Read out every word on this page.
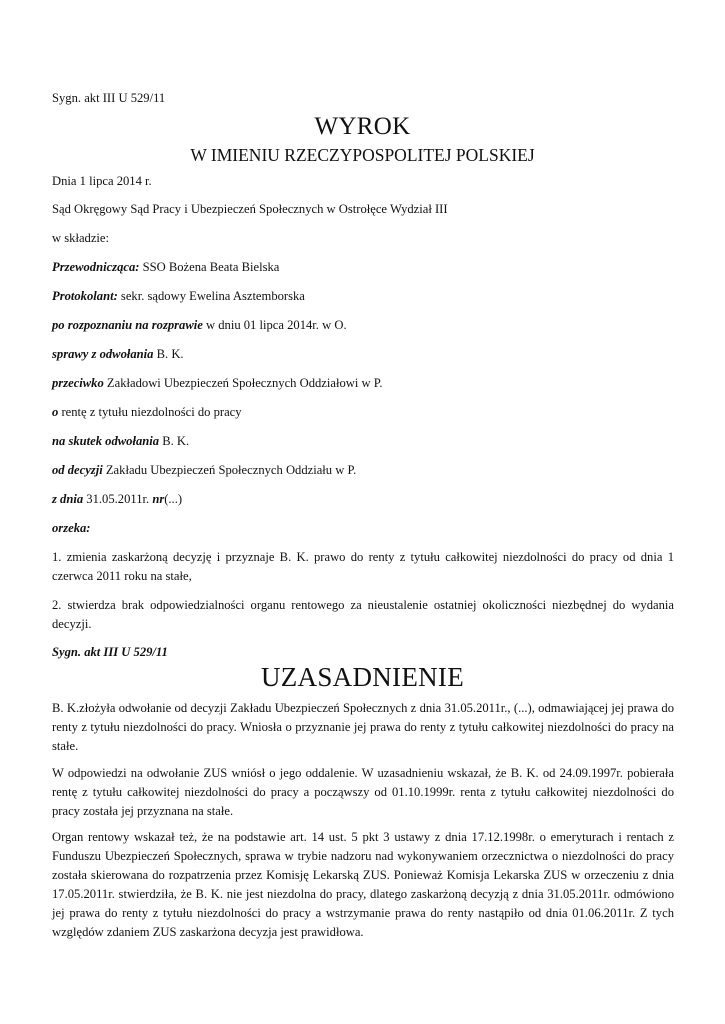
Sygn. akt III U 529/11

WYROK
W IMIENIU RZECZYPOSPOLITEJ POLSKIEJ

Dnia 1 lipca 2014 r.

Sąd Okręgowy Sąd Pracy i Ubezpieczeń Społecznych w Ostrołęce Wydział III

w składzie:

Przewodnicząca: SSO Bożena Beata Bielska

Protokolant: sekr. sądowy Ewelina Asztemborska

po rozpoznaniu na rozprawie w dniu 01 lipca 2014r. w O.

sprawy z odwołania B. K.

przeciwko Zakładowi Ubezpieczeń Społecznych Oddziałowi w P.

o rentę z tytułu niezdolności do pracy

na skutek odwołania B. K.

od decyzji Zakładu Ubezpieczeń Społecznych Oddziału w P.

z dnia 31.05.2011r. nr(...)

orzeka:

1. zmienia zaskarżoną decyzję i przyznaje B. K. prawo do renty z tytułu całkowitej niezdolności do pracy od dnia 1 czerwca 2011 roku na stałe,

2. stwierdza brak odpowiedzialności organu rentowego za nieustalenie ostatniej okoliczności niezbędnej do wydania decyzji.

Sygn. akt III U 529/11

UZASADNIENIE

B. K.złożyła odwołanie od decyzji Zakładu Ubezpieczeń Społecznych z dnia 31.05.2011r., (...), odmawiającej jej prawa do renty z tytułu niezdolności do pracy. Wniosła o przyznanie jej prawa do renty z tytułu całkowitej niezdolności do pracy na stałe.

W odpowiedzi na odwołanie ZUS wniósł o jego oddalenie. W uzasadnieniu wskazał, że B. K. od 24.09.1997r. pobierała rentę z tytułu całkowitej niezdolności do pracy a począwszy od 01.10.1999r. renta z tytułu całkowitej niezdolności do pracy została jej przyznana na stałe.

Organ rentowy wskazał też, że na podstawie art. 14 ust. 5 pkt 3 ustawy z dnia 17.12.1998r. o emeryturach i rentach z Funduszu Ubezpieczeń Społecznych, sprawa w trybie nadzoru nad wykonywaniem orzecznictwa o niezdolności do pracy została skierowana do rozpatrzenia przez Komisję Lekarską ZUS. Ponieważ Komisja Lekarska ZUS w orzeczeniu z dnia 17.05.2011r. stwierdziła, że B. K. nie jest niezdolna do pracy, dlatego zaskarżoną decyzją z dnia 31.05.2011r. odmówiono jej prawa do renty z tytułu niezdolności do pracy a wstrzymanie prawa do renty nastąpiło od dnia 01.06.2011r. Z tych względów zdaniem ZUS zaskarżona decyzja jest prawidłowa.
